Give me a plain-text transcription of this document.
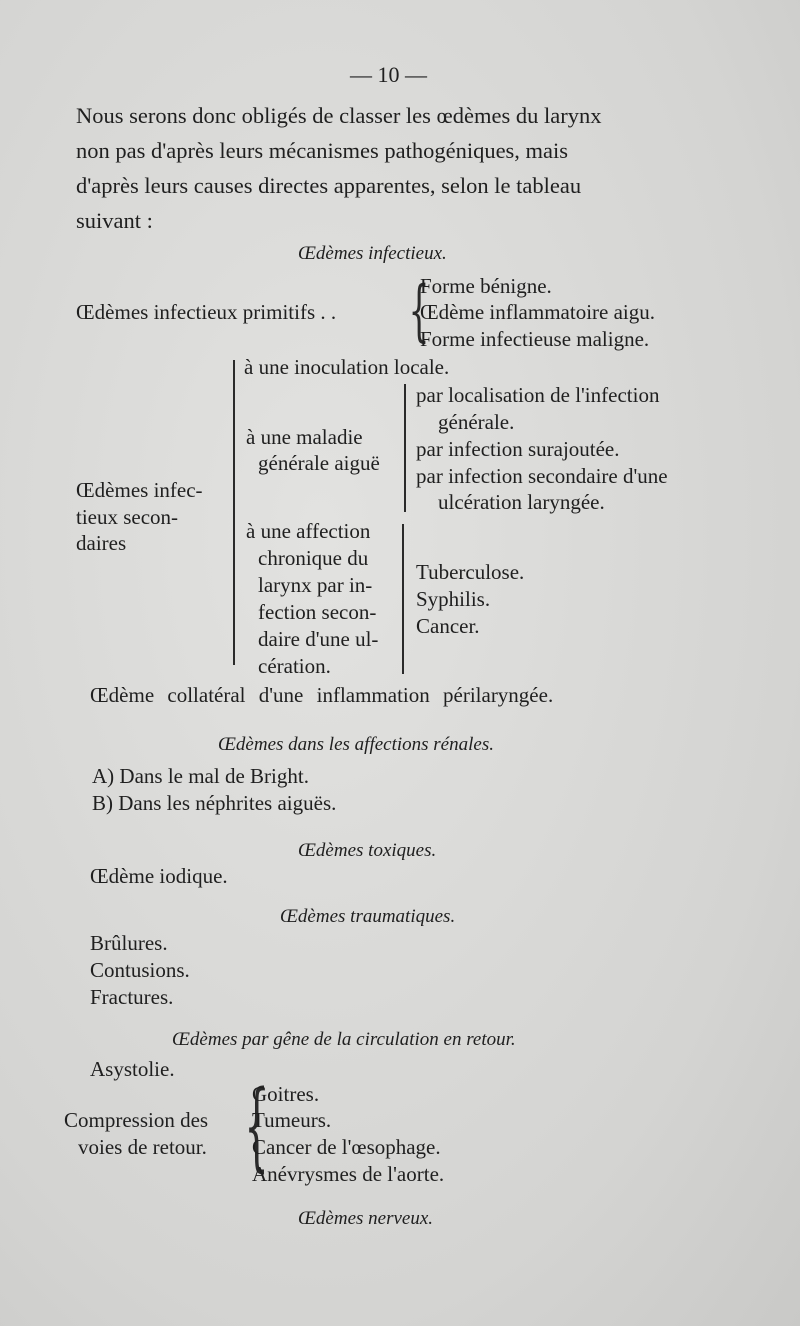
— 10 —
Nous serons donc obligés de classer les œdèmes du larynx
non pas d'après leurs mécanismes pathogéniques, mais
d'après leurs causes directes apparentes, selon le tableau
suivant :
Œdèmes infectieux.
Œdèmes infectieux primitifs . . {
Forme bénigne.
Œdème inflammatoire aigu.
Forme infectieuse maligne.
Œdèmes infec-
tieux secon-
daires
à une inoculation locale.
à une maladie
générale aiguë
par localisation de l'infection
générale.
par infection surajoutée.
par infection secondaire d'une
ulcération laryngée.
à une affection
chronique du
larynx par in-
fection secon-
daire d'une ul-
cération.
Tuberculose.
Syphilis.
Cancer.
Œdème collatéral d'une inflammation périlaryngée.
Œdèmes dans les affections rénales.
A) Dans le mal de Bright.
B) Dans les néphrites aiguës.
Œdèmes toxiques.
Œdème iodique.
Œdèmes traumatiques.
Brûlures.
Contusions.
Fractures.
Œdèmes par gêne de la circulation en retour.
Asystolie.
Compression des
voies de retour. {
Goitres.
Tumeurs.
Cancer de l'œsophage.
Anévrysmes de l'aorte.
Œdèmes nerveux.
